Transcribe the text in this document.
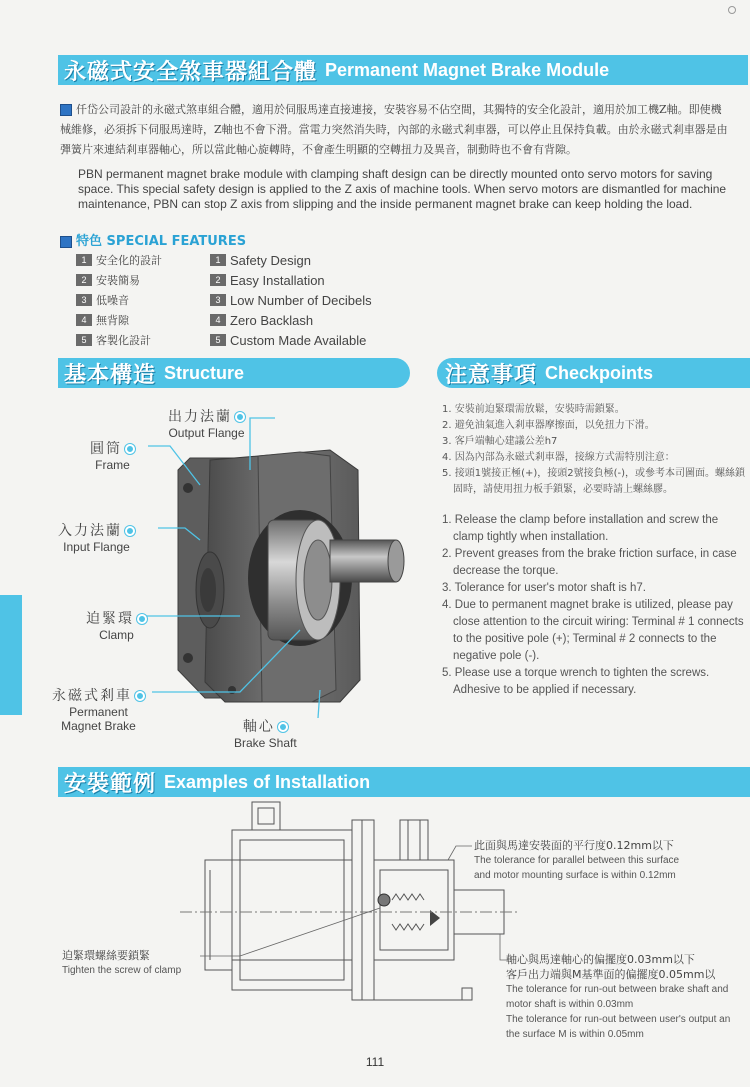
永磁式安全煞車器組合體 Permanent Magnet Brake Module
仟岱公司設計的永磁式煞車組合體，適用於伺服馬達直接連接，安裝容易不佔空間，其獨特的安全化設計，適用於加工機Z軸。即使機械維修，必須拆下伺服馬達時，Z軸也不會下滑。當電力突然消失時，內部的永磁式剎車器，可以停止且保持負載。由於永磁式剎車器是由彈簧片來連結剎車器軸心，所以當此軸心旋轉時，不會產生明顯的空轉扭力及異音，制動時也不會有背隙。
PBN permanent magnet brake module with clamping shaft design can be directly mounted onto servo motors for saving space. This special safety design is applied to the Z axis of machine tools. When servo motors are dismantled for machine maintenance, PBN can stop Z axis from slipping and the inside permanent magnet brake can keep holding the load.
特色 SPECIAL FEATURES
1 安全化的設計
2 安裝簡易
3 低噪音
4 無背隙
5 客製化設計
1 Safety Design
2 Easy Installation
3 Low Number of Decibels
4 Zero Backlash
5 Custom Made Available
基本構造 Structure
出力法蘭
Output Flange
圓筒
Frame
入力法蘭
Input Flange
迫緊環
Clamp
永磁式剎車
Permanent
Magnet Brake	軸心
Brake Shaft
注意事項 Checkpoints
1. 安裝前迫緊環需放鬆，安裝時需鎖緊。
2. 避免油氣進入剎車器摩擦面，以免扭力下滑。
3. 客戶端軸心建議公差h7
4. 因為內部為永磁式剎車器，接線方式需特別注意：
5. 接頭1號接正極(+)，接頭2號接負極(-)，或參考本司圖面。螺絲鎖固時，請使用扭力板手鎖緊，必要時請上螺絲膠。
1. Release the clamp before installation and screw the clamp tightly when installation.
2. Prevent greases from the brake friction surface, in case decrease the torque.
3. Tolerance for user's motor shaft is h7.
4. Due to permanent magnet brake is utilized, please pay close attention to the circuit wiring: Terminal # 1 connects to the positive pole (+); Terminal # 2 connects to the negative pole (-).
5. Please use a torque wrench to tighten the screws. Adhesive to be applied if necessary.
安裝範例 Examples of Installation
此面與馬達安裝面的平行度0.12mm以下
The tolerance for parallel between this surface
and motor mounting surface is within 0.12mm
迫緊環螺絲要鎖緊
Tighten the screw of clamp
軸心與馬達軸心的偏擺度0.03mm以下
客戶出力端與M基準面的偏擺度0.05mm以
The tolerance for run-out between brake shaft and
motor shaft is within 0.03mm
The tolerance for run-out between user's output an
the surface M is within 0.05mm
111
